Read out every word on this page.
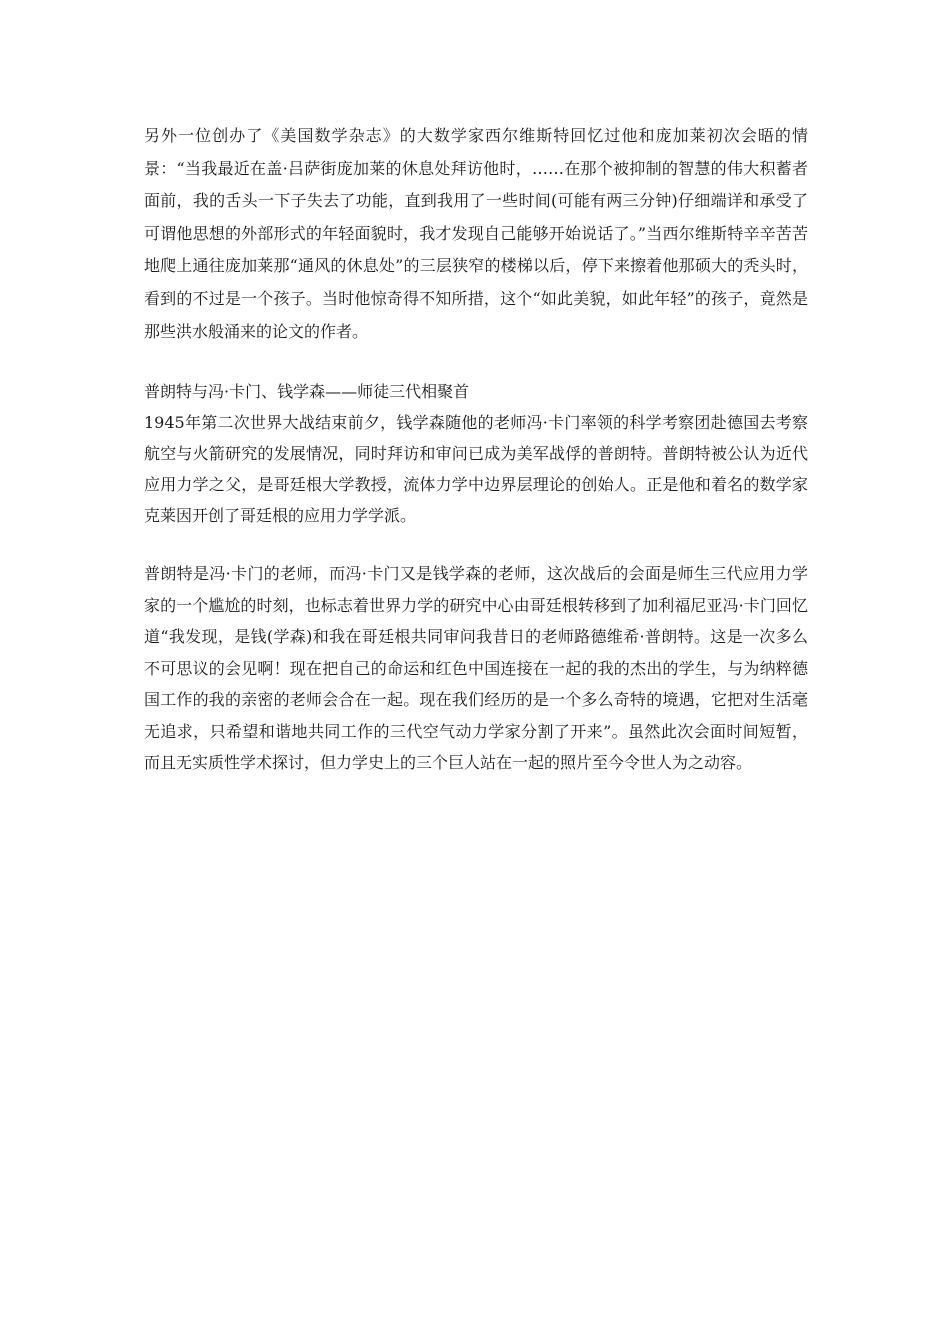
另外一位创办了《美国数学杂志》的大数学家西尔维斯特回忆过他和庞加莱初次会晤的情景：“当我最近在盖·吕萨街庞加莱的休息处拜访他时，……在那个被抑制的智慧的伟大积蓄者面前，我的舌头一下子失去了功能，直到我用了一些时间(可能有两三分钟)仔细端详和承受了可谓他思想的外部形式的年轻面貌时，我才发现自己能够开始说话了。”当西尔维斯特辛辛苦苦地爬上通往庞加莱那“通风的休息处”的三层狭窄的楼梯以后，停下来擦着他那硕大的秃头时，看到的不过是一个孩子。当时他惊奇得不知所措，这个“如此美貌，如此年轻”的孩子，竟然是那些洪水般涌来的论文的作者。

普朗特与冯·卡门、钱学森——师徒三代相聚首

1945年第二次世界大战结束前夕，钱学森随他的老师冯·卡门率领的科学考察团赴德国去考察航空与火箭研究的发展情况，同时拜访和审问已成为美军战俘的普朗特。普朗特被公认为近代应用力学之父，是哥廷根大学教授，流体力学中边界层理论的创始人。正是他和着名的数学家克莱因开创了哥廷根的应用力学学派。

普朗特是冯·卡门的老师，而冯·卡门又是钱学森的老师，这次战后的会面是师生三代应用力学家的一个尴尬的时刻，也标志着世界力学的研究中心由哥廷根转移到了加利福尼亚冯·卡门回忆道“我发现，是钱(学森)和我在哥廷根共同审问我昔日的老师路德维希·普朗特。这是一次多么不可思议的会见啊！现在把自己的命运和红色中国连接在一起的我的杰出的学生，与为纳粹德国工作的我的亲密的老师会合在一起。现在我们经历的是一个多么奇特的境遇，它把对生活毫无追求，只希望和谐地共同工作的三代空气动力学家分割了开来”。虽然此次会面时间短暂，而且无实质性学术探讨，但力学史上的三个巨人站在一起的照片至今令世人为之动容。
